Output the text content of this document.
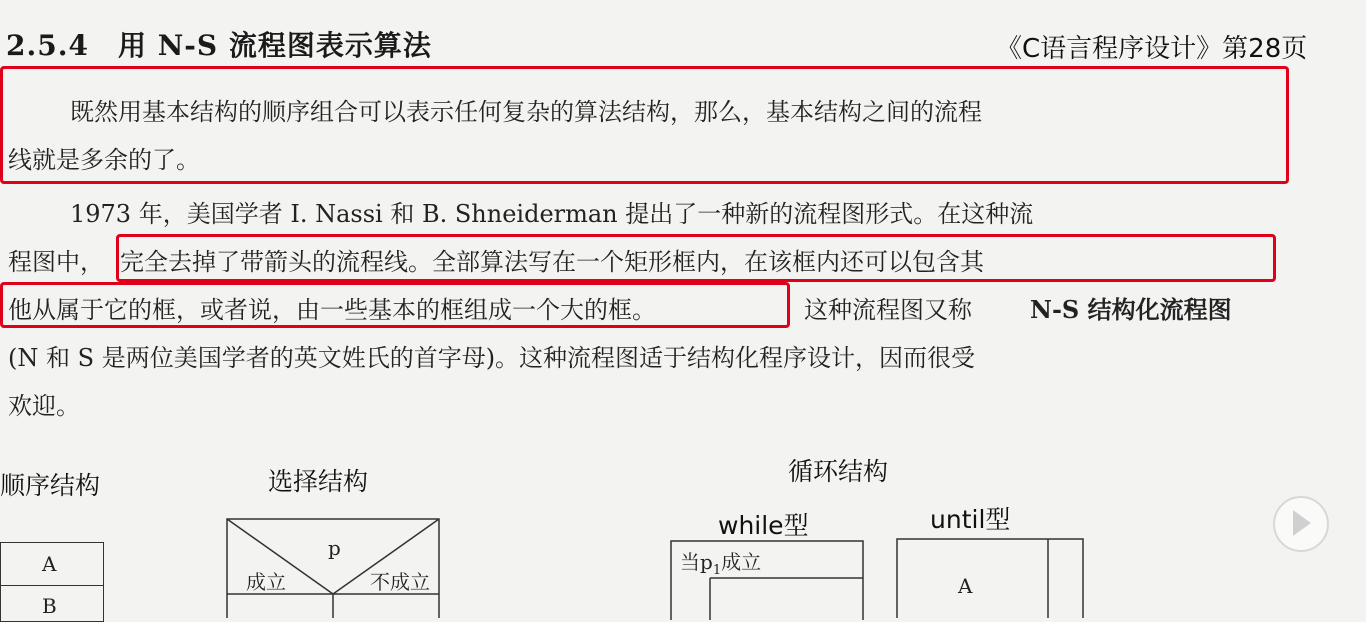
2.5.4　用 N-S 流程图表示算法	《C语言程序设计》第28页
既然用基本结构的顺序组合可以表示任何复杂的算法结构，那么，基本结构之间的流程
线就是多余的了。
1973 年，美国学者 I. Nassi 和 B. Shneiderman 提出了一种新的流程图形式。在这种流
程图中， 完全去掉了带箭头的流程线。全部算法写在一个矩形框内，在该框内还可以包含其
他从属于它的框，或者说，由一些基本的框组成一个大的框。	这种流程图又称 N-S 结构化流程图
(N 和 S 是两位美国学者的英文姓氏的首字母)。这种流程图适于结构化程序设计，因而很受
欢迎。
顺序结构	选择结构	循环结构
while型	until型
A
B
p
成立	不成立
当$p_1$成立
A
